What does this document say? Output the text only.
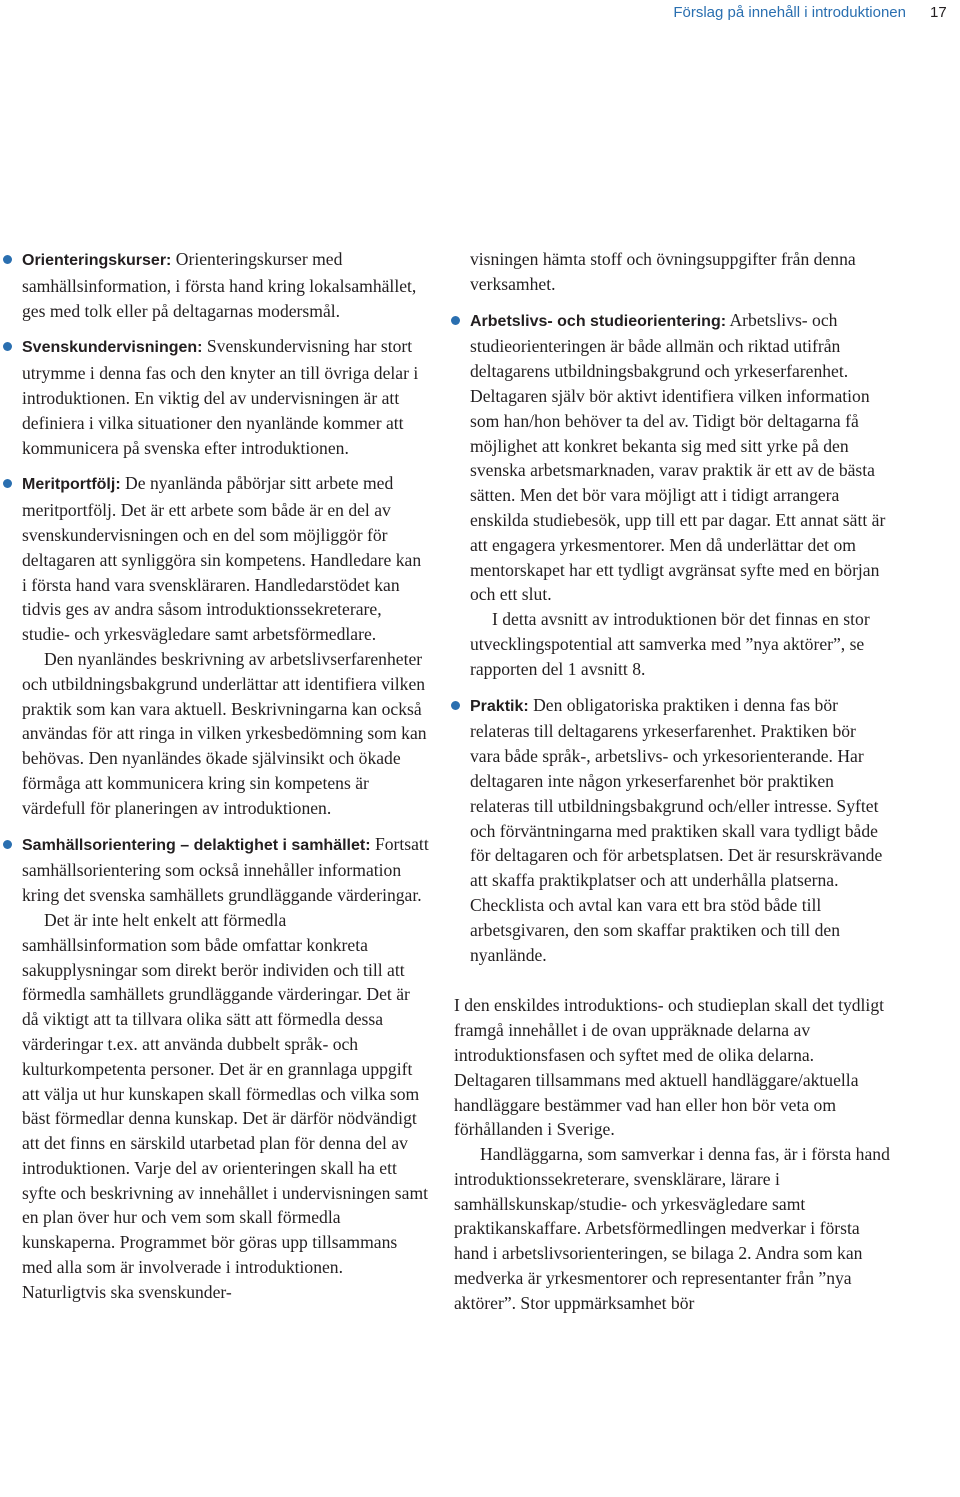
Förslag på innehåll i introduktionen 17

Orienteringskurser: Orienteringskurser med samhällsinformation, i första hand kring lokalsamhället, ges med tolk eller på deltagarnas modersmål.

Svenskundervisningen: Svenskundervisning har stort utrymme i denna fas och den knyter an till övriga delar i introduktionen. En viktig del av undervisningen är att definiera i vilka situationer den nyanlände kommer att kommunicera på svenska efter introduktionen.

Meritportfölj: De nyanlända påbörjar sitt arbete med meritportfölj. Det är ett arbete som både är en del av svenskundervisningen och en del som möjliggör för deltagaren att synliggöra sin kompetens. Handledare kan i första hand vara svenskläraren. Handledarstödet kan tidvis ges av andra såsom introduktionssekreterare, studie- och yrkesvägledare samt arbetsförmedlare.

Den nyanländes beskrivning av arbetslivserfarenheter och utbildningsbakgrund underlättar att identifiera vilken praktik som kan vara aktuell. Beskrivningarna kan också användas för att ringa in vilken yrkesbedömning som kan behövas. Den nyanländes ökade självinsikt och ökade förmåga att kommunicera kring sin kompetens är värdefull för planeringen av introduktionen.

Samhällsorientering – delaktighet i samhället: Fortsatt samhällsorientering som också innehåller information kring det svenska samhällets grundläggande värderingar.

Det är inte helt enkelt att förmedla samhällsinformation som både omfattar konkreta sakupplysningar som direkt berör individen och till att förmedla samhällets grundläggande värderingar. Det är då viktigt att ta tillvara olika sätt att förmedla dessa värderingar t.ex. att använda dubbelt språk- och kulturkompetenta personer. Det är en grannlaga uppgift att välja ut hur kunskapen skall förmedlas och vilka som bäst förmedlar denna kunskap. Det är därför nödvändigt att det finns en särskild utarbetad plan för denna del av introduktionen. Varje del av orienteringen skall ha ett syfte och beskrivning av innehållet i undervisningen samt en plan över hur och vem som skall förmedla kunskaperna. Programmet bör göras upp tillsammans med alla som är involverade i introduktionen. Naturligtvis ska svenskunder-

visningen hämta stoff och övningsuppgifter från denna verksamhet.

Arbetslivs- och studieorientering: Arbetslivs- och studieorienteringen är både allmän och riktad utifrån deltagarens utbildningsbakgrund och yrkeserfarenhet. Deltagaren själv bör aktivt identifiera vilken information som han/hon behöver ta del av. Tidigt bör deltagarna få möjlighet att konkret bekanta sig med sitt yrke på den svenska arbetsmarknaden, varav praktik är ett av de bästa sätten. Men det bör vara möjligt att i tidigt arrangera enskilda studiebesök, upp till ett par dagar. Ett annat sätt är att engagera yrkesmentorer. Men då underlättar det om mentorskapet har ett tydligt avgränsat syfte med en början och ett slut.

I detta avsnitt av introduktionen bör det finnas en stor utvecklingspotential att samverka med ”nya aktörer”, se rapporten del 1 avsnitt 8.

Praktik: Den obligatoriska praktiken i denna fas bör relateras till deltagarens yrkeserfarenhet. Praktiken bör vara både språk-, arbetslivs- och yrkesorienterande. Har deltagaren inte någon yrkeserfarenhet bör praktiken relateras till utbildningsbakgrund och/eller intresse. Syftet och förväntningarna med praktiken skall vara tydligt både för deltagaren och för arbetsplatsen. Det är resurskrävande att skaffa praktikplatser och att underhålla platserna. Checklista och avtal kan vara ett bra stöd både till arbetsgivaren, den som skaffar praktiken och till den nyanlände.

I den enskildes introduktions- och studieplan skall det tydligt framgå innehållet i de ovan uppräknade delarna av introduktionsfasen och syftet med de olika delarna. Deltagaren tillsammans med aktuell handläggare/aktuella handläggare bestämmer vad han eller hon bör veta om förhållanden i Sverige.

Handläggarna, som samverkar i denna fas, är i första hand introduktionssekreterare, svensklärare, lärare i samhällskunskap/studie- och yrkesvägledare samt praktikanskaffare. Arbetsförmedlingen medverkar i första hand i arbetslivsorienteringen, se bilaga 2. Andra som kan medverka är yrkesmentorer och representanter från ”nya aktörer”. Stor uppmärksamhet bör
